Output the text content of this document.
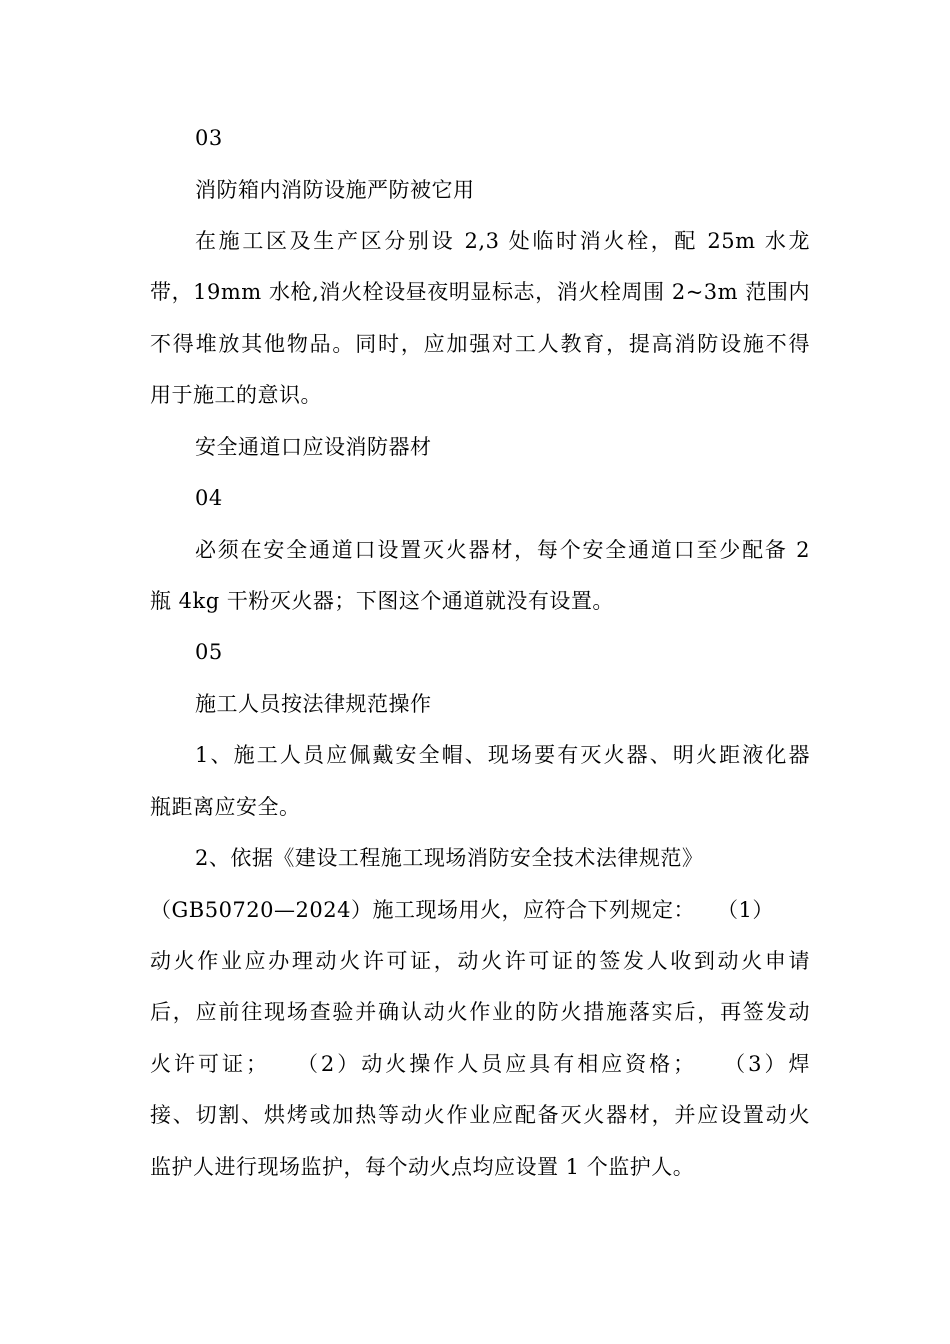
03
消防箱内消防设施严防被它用
在施工区及生产区分别设 2,3 处临时消火栓，配 25m 水龙
带，19mm 水枪,消火栓设昼夜明显标志，消火栓周围 2~3m 范围内
不得堆放其他物品。同时，应加强对工人教育，提高消防设施不得
用于施工的意识。
安全通道口应设消防器材
04
必须在安全通道口设置灭火器材，每个安全通道口至少配备 2
瓶 4kg 干粉灭火器；下图这个通道就没有设置。
05
施工人员按法律规范操作
1、施工人员应佩戴安全帽、现场要有灭火器、明火距液化器
瓶距离应安全。
2、依据《建设工程施工现场消防安全技术法律规范》
（GB50720—2024）施工现场用火，应符合下列规定：　　（1）
动火作业应办理动火许可证，动火许可证的签发人收到动火申请
后，应前往现场查验并确认动火作业的防火措施落实后，再签发动
火许可证；　　（2）动火操作人员应具有相应资格；　　（3）焊
接、切割、烘烤或加热等动火作业应配备灭火器材，并应设置动火
监护人进行现场监护，每个动火点均应设置 1 个监护人。
